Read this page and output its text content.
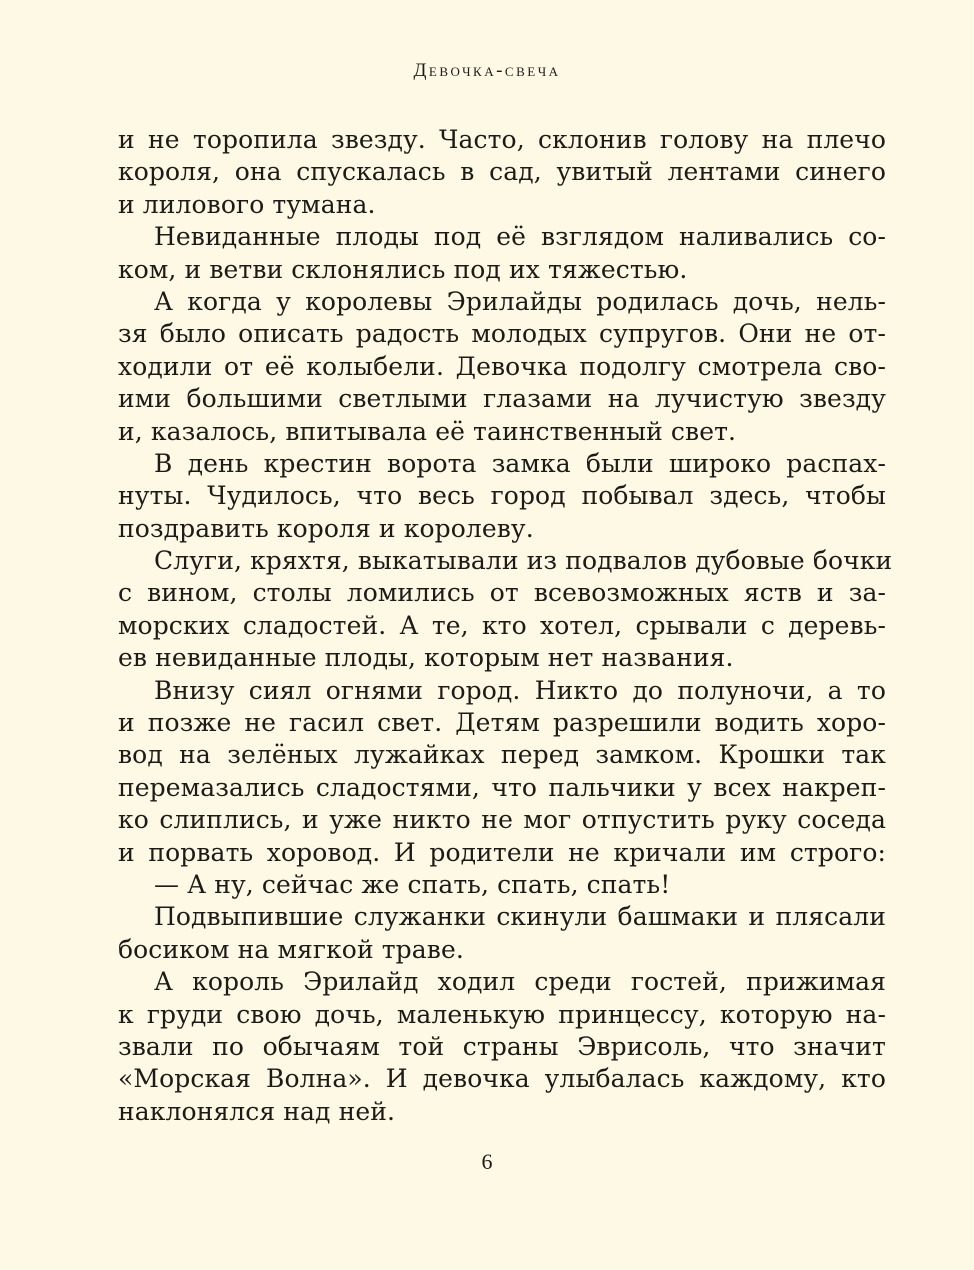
Девочка-свеча
и не торопила звезду. Часто, склонив голову на плечо
короля, она спускалась в сад, увитый лентами синего
и лилового тумана.
Невиданные плоды под её взглядом наливались со-
ком, и ветви склонялись под их тяжестью.
А когда у королевы Эрилайды родилась дочь, нель-
зя было описать радость молодых супругов. Они не от-
ходили от её колыбели. Девочка подолгу смотрела сво-
ими большими светлыми глазами на лучистую звезду
и, казалось, впитывала её таинственный свет.
В день крестин ворота замка были широко распах-
нуты. Чудилось, что весь город побывал здесь, чтобы
поздравить короля и королеву.
Слуги, кряхтя, выкатывали из подвалов дубовые бочки
с вином, столы ломились от всевозможных яств и за-
морских сладостей. А те, кто хотел, срывали с деревь-
ев невиданные плоды, которым нет названия.
Внизу сиял огнями город. Никто до полуночи, а то
и позже не гасил свет. Детям разрешили водить хоро-
вод на зелёных лужайках перед замком. Крошки так
перемазались сладостями, что пальчики у всех накреп-
ко слиплись, и уже никто не мог отпустить руку соседа
и порвать хоровод. И родители не кричали им строго:
— А ну, сейчас же спать, спать, спать!
Подвыпившие служанки скинули башмаки и плясали
босиком на мягкой траве.
А король Эрилайд ходил среди гостей, прижимая
к груди свою дочь, маленькую принцессу, которую на-
звали по обычаям той страны Эврисоль, что значит
«Морская Волна». И девочка улыбалась каждому, кто
наклонялся над ней.
6
